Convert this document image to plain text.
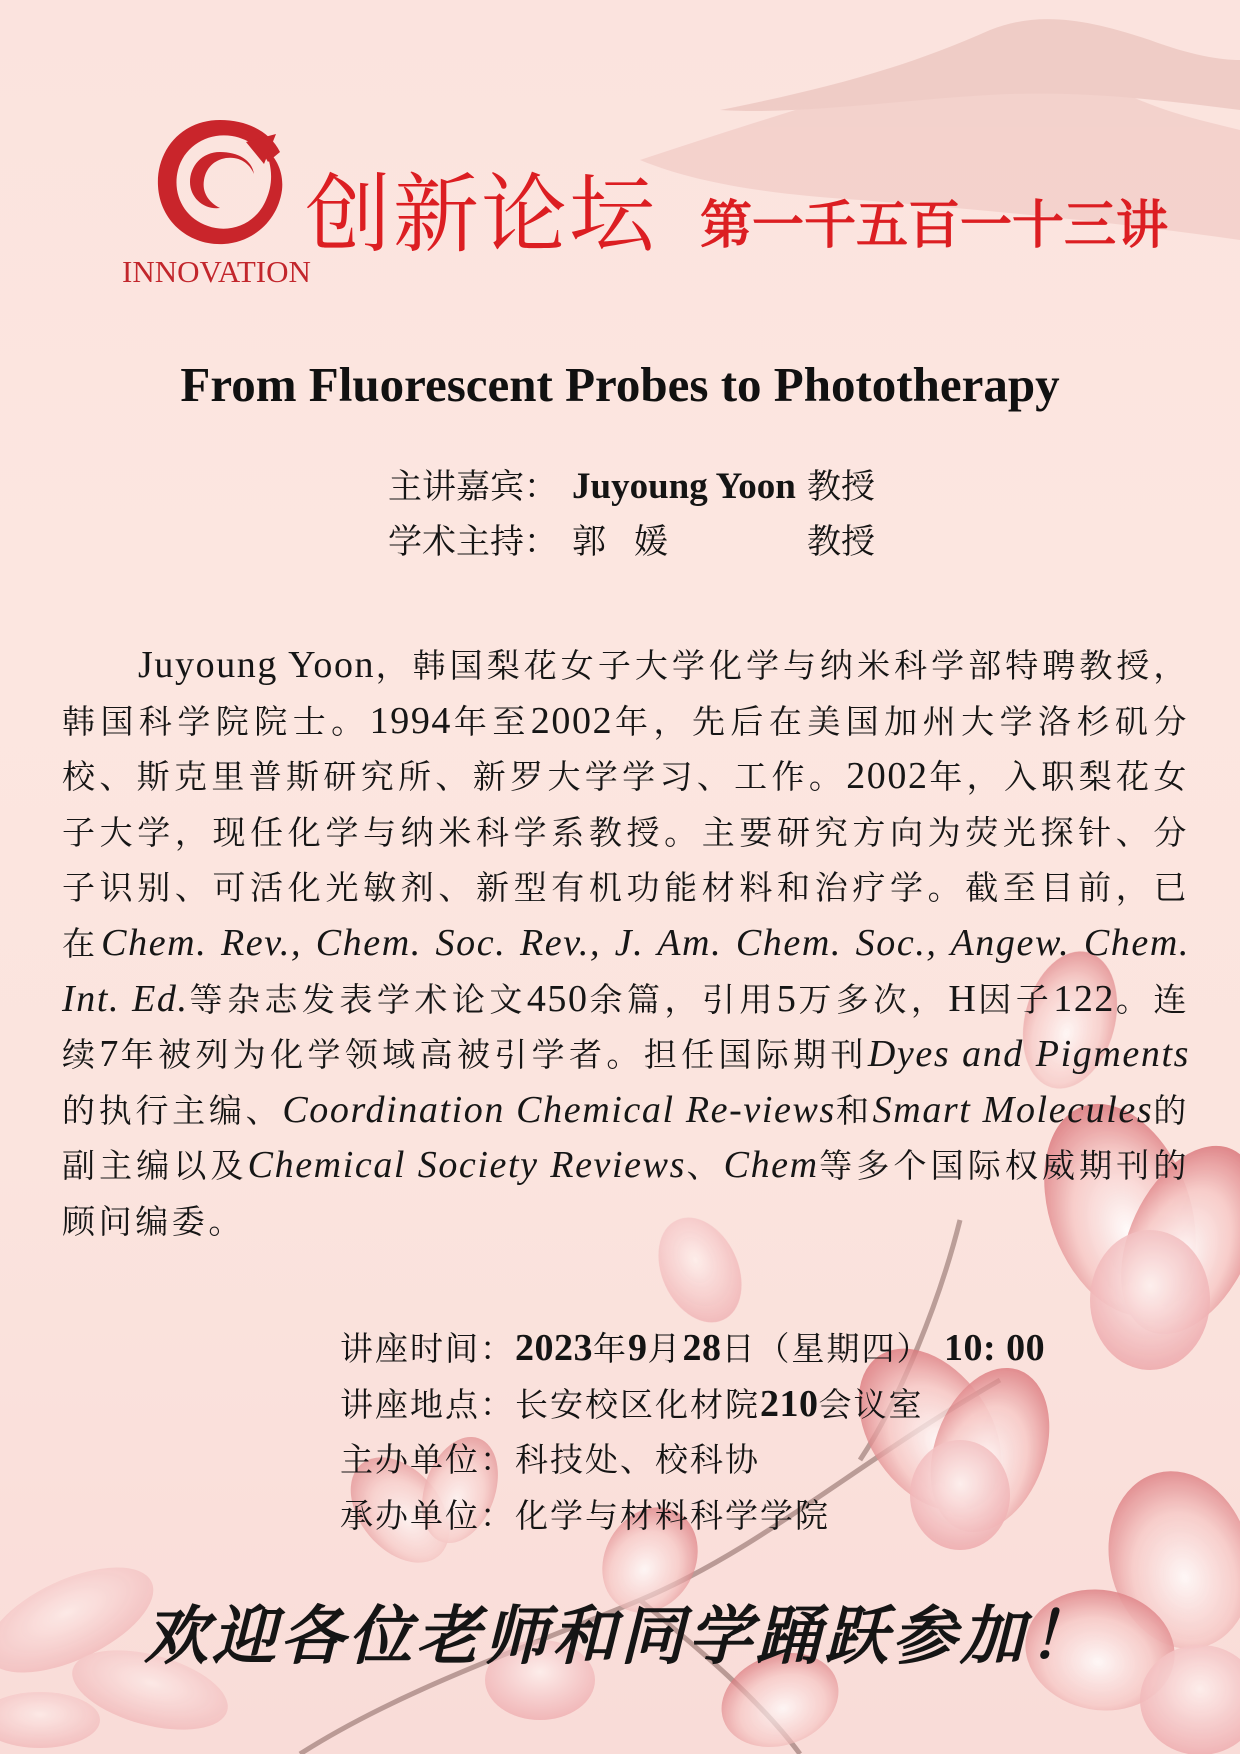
INNOVATION
创新论坛 第一千五百一十三讲
From Fluorescent Probes to Phototherapy
主讲嘉宾： Juyoung Yoon 教授
学术主持： 郭媛	教授

Juyoung Yoon，韩国梨花女子大学化学与纳米科学部特聘教授，韩国科学院院士。1994年至2002年，先后在美国加州大学洛杉矶分校、斯克里普斯研究所、新罗大学学习、工作。2002年，入职梨花女子大学，现任化学与纳米科学系教授。主要研究方向为荧光探针、分子识别、可活化光敏剂、新型有机功能材料和治疗学。截至目前，已在Chem. Rev., Chem. Soc. Rev., J. Am. Chem. Soc., Angew. Chem. Int. Ed.等杂志发表学术论文450余篇，引用5万多次，H因子122。连续7年被列为化学领域高被引学者。担任国际期刊Dyes and Pigments的执行主编、Coordination Chemical Re-views和Smart Molecules的副主编以及Chemical Society Reviews、Chem等多个国际权威期刊的顾问编委。

讲座时间：2023年9月28日（星期四） 10: 00
讲座地点：长安校区化材院210会议室
主办单位：科技处、校科协
承办单位：化学与材料科学学院
欢迎各位老师和同学踊跃参加！
